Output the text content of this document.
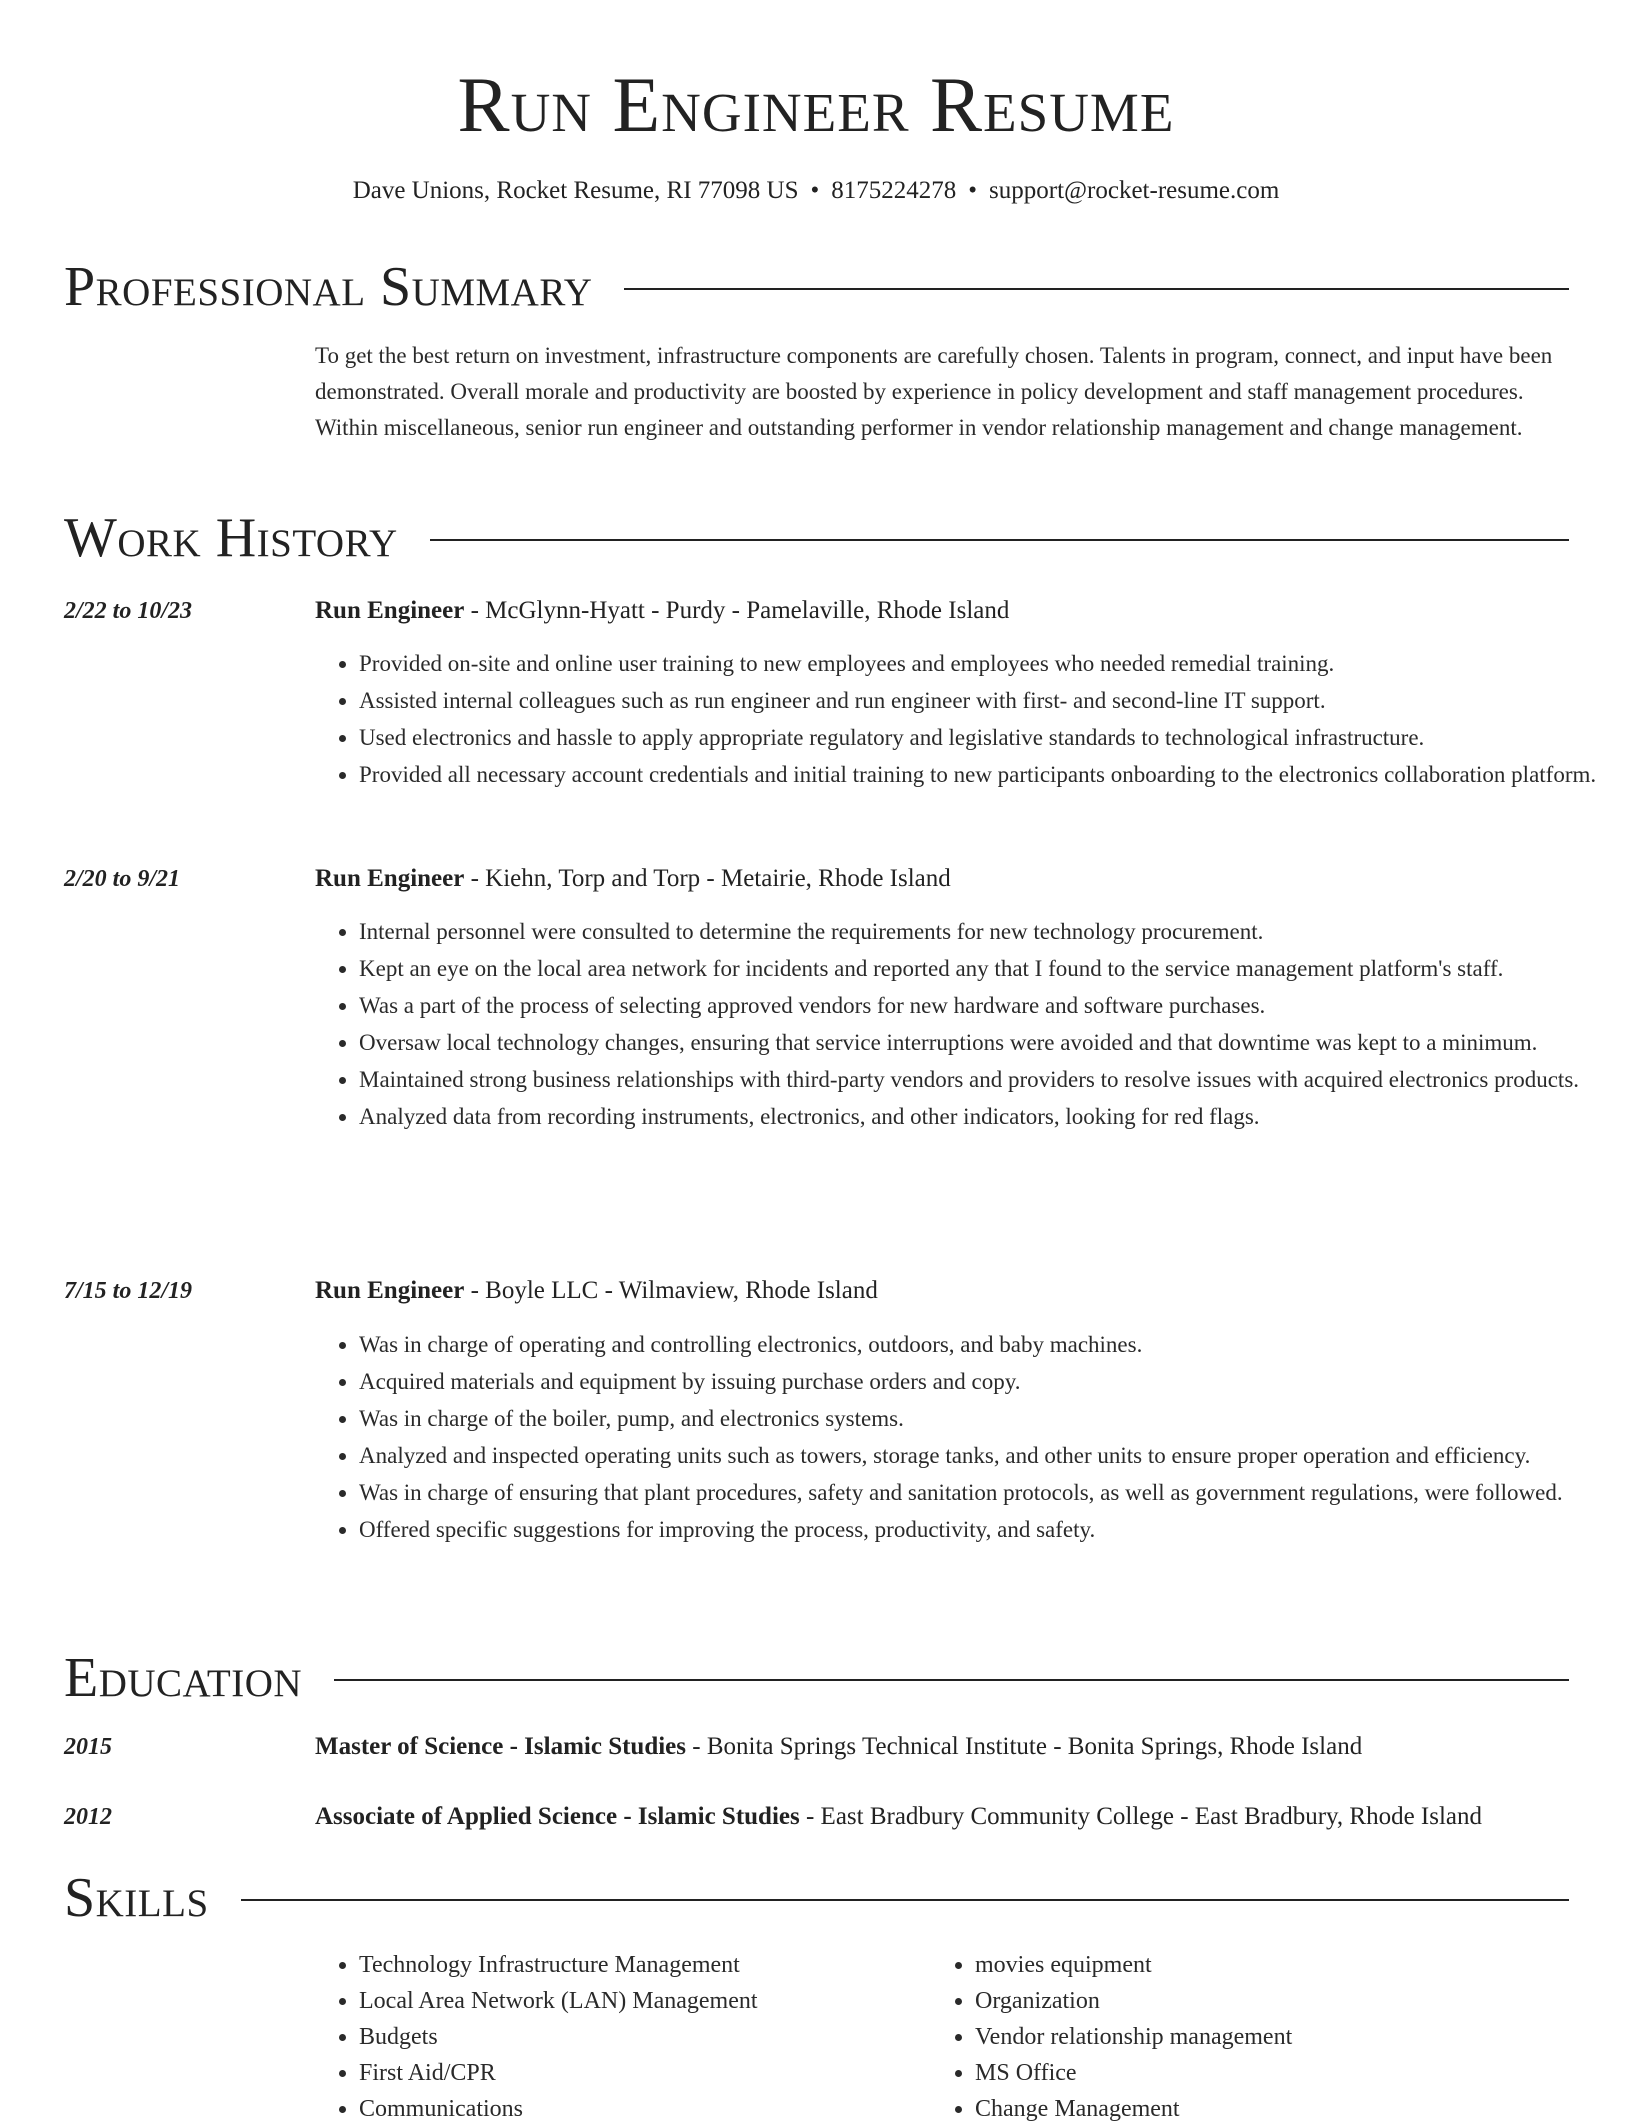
Run Engineer Resume
Dave Unions, Rocket Resume, RI 77098 US • 8175224278 • support@rocket-resume.com
Professional Summary
To get the best return on investment, infrastructure components are carefully chosen. Talents in program, connect, and input have been demonstrated. Overall morale and productivity are boosted by experience in policy development and staff management procedures. Within miscellaneous, senior run engineer and outstanding performer in vendor relationship management and change management.
Work History
2/22 to 10/23	Run Engineer - McGlynn-Hyatt - Purdy - Pamelaville, Rhode Island
• Provided on-site and online user training to new employees and employees who needed remedial training.
• Assisted internal colleagues such as run engineer and run engineer with first- and second-line IT support.
• Used electronics and hassle to apply appropriate regulatory and legislative standards to technological infrastructure.
• Provided all necessary account credentials and initial training to new participants onboarding to the electronics collaboration platform.
2/20 to 9/21	Run Engineer - Kiehn, Torp and Torp - Metairie, Rhode Island
• Internal personnel were consulted to determine the requirements for new technology procurement.
• Kept an eye on the local area network for incidents and reported any that I found to the service management platform's staff.
• Was a part of the process of selecting approved vendors for new hardware and software purchases.
• Oversaw local technology changes, ensuring that service interruptions were avoided and that downtime was kept to a minimum.
• Maintained strong business relationships with third-party vendors and providers to resolve issues with acquired electronics products.
• Analyzed data from recording instruments, electronics, and other indicators, looking for red flags.
7/15 to 12/19	Run Engineer - Boyle LLC - Wilmaview, Rhode Island
• Was in charge of operating and controlling electronics, outdoors, and baby machines.
• Acquired materials and equipment by issuing purchase orders and copy.
• Was in charge of the boiler, pump, and electronics systems.
• Analyzed and inspected operating units such as towers, storage tanks, and other units to ensure proper operation and efficiency.
• Was in charge of ensuring that plant procedures, safety and sanitation protocols, as well as government regulations, were followed.
• Offered specific suggestions for improving the process, productivity, and safety.
Education
2015	Master of Science - Islamic Studies - Bonita Springs Technical Institute - Bonita Springs, Rhode Island
2012	Associate of Applied Science - Islamic Studies - East Bradbury Community College - East Bradbury, Rhode Island
Skills
• Technology Infrastructure Management
• Local Area Network (LAN) Management
• Budgets
• First Aid/CPR
• Communications
• movies equipment
• Organization
• Vendor relationship management
• MS Office
• Change Management
